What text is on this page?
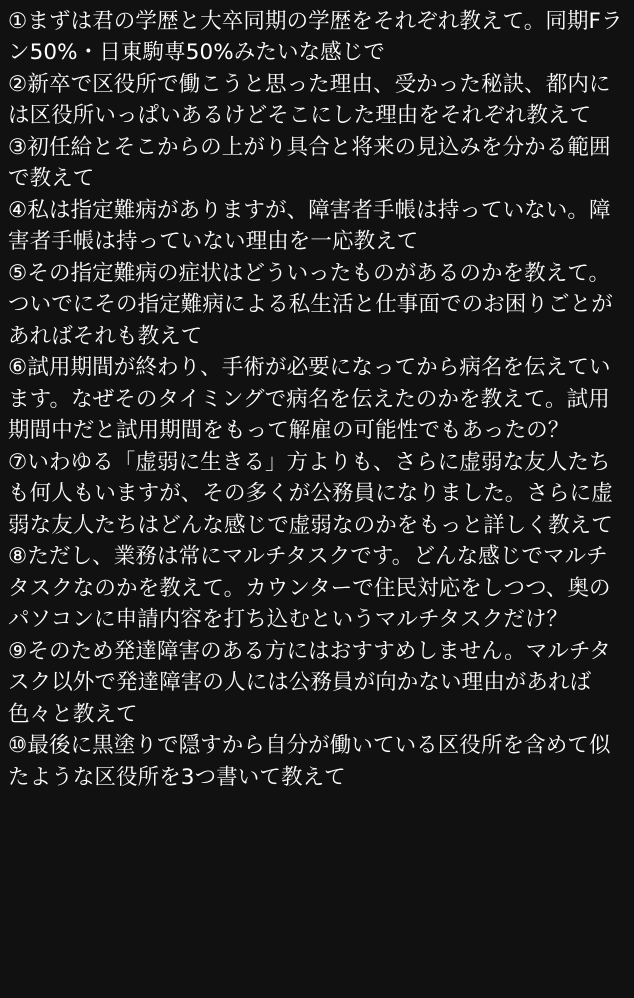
①まずは君の学歴と大卒同期の学歴をそれぞれ教えて。同期Fラン50%・日東駒専50%みたいな感じで

②新卒で区役所で働こうと思った理由、受かった秘訣、都内には区役所いっぱいあるけどそこにした理由をそれぞれ教えて

③初任給とそこからの上がり具合と将来の見込みを分かる範囲で教えて

④私は指定難病がありますが、障害者手帳は持っていない。障害者手帳は持っていない理由を一応教えて

⑤その指定難病の症状はどういったものがあるのかを教えて。ついでにその指定難病による私生活と仕事面でのお困りごとがあればそれも教えて

⑥試用期間が終わり、手術が必要になってから病名を伝えています。なぜそのタイミングで病名を伝えたのかを教えて。試用期間中だと試用期間をもって解雇の可能性でもあったの？

⑦いわゆる「虚弱に生きる」方よりも、さらに虚弱な友人たちも何人もいますが、その多くが公務員になりました。さらに虚弱な友人たちはどんな感じで虚弱なのかをもっと詳しく教えて

⑧ただし、業務は常にマルチタスクです。どんな感じでマルチタスクなのかを教えて。カウンターで住民対応をしつつ、奥のパソコンに申請内容を打ち込むというマルチタスクだけ？

⑨そのため発達障害のある方にはおすすめしません。マルチタスク以外で発達障害の人には公務員が向かない理由があれば色々と教えて

⑩最後に黒塗りで隠すから自分が働いている区役所を含めて似たような区役所を3つ書いて教えて
